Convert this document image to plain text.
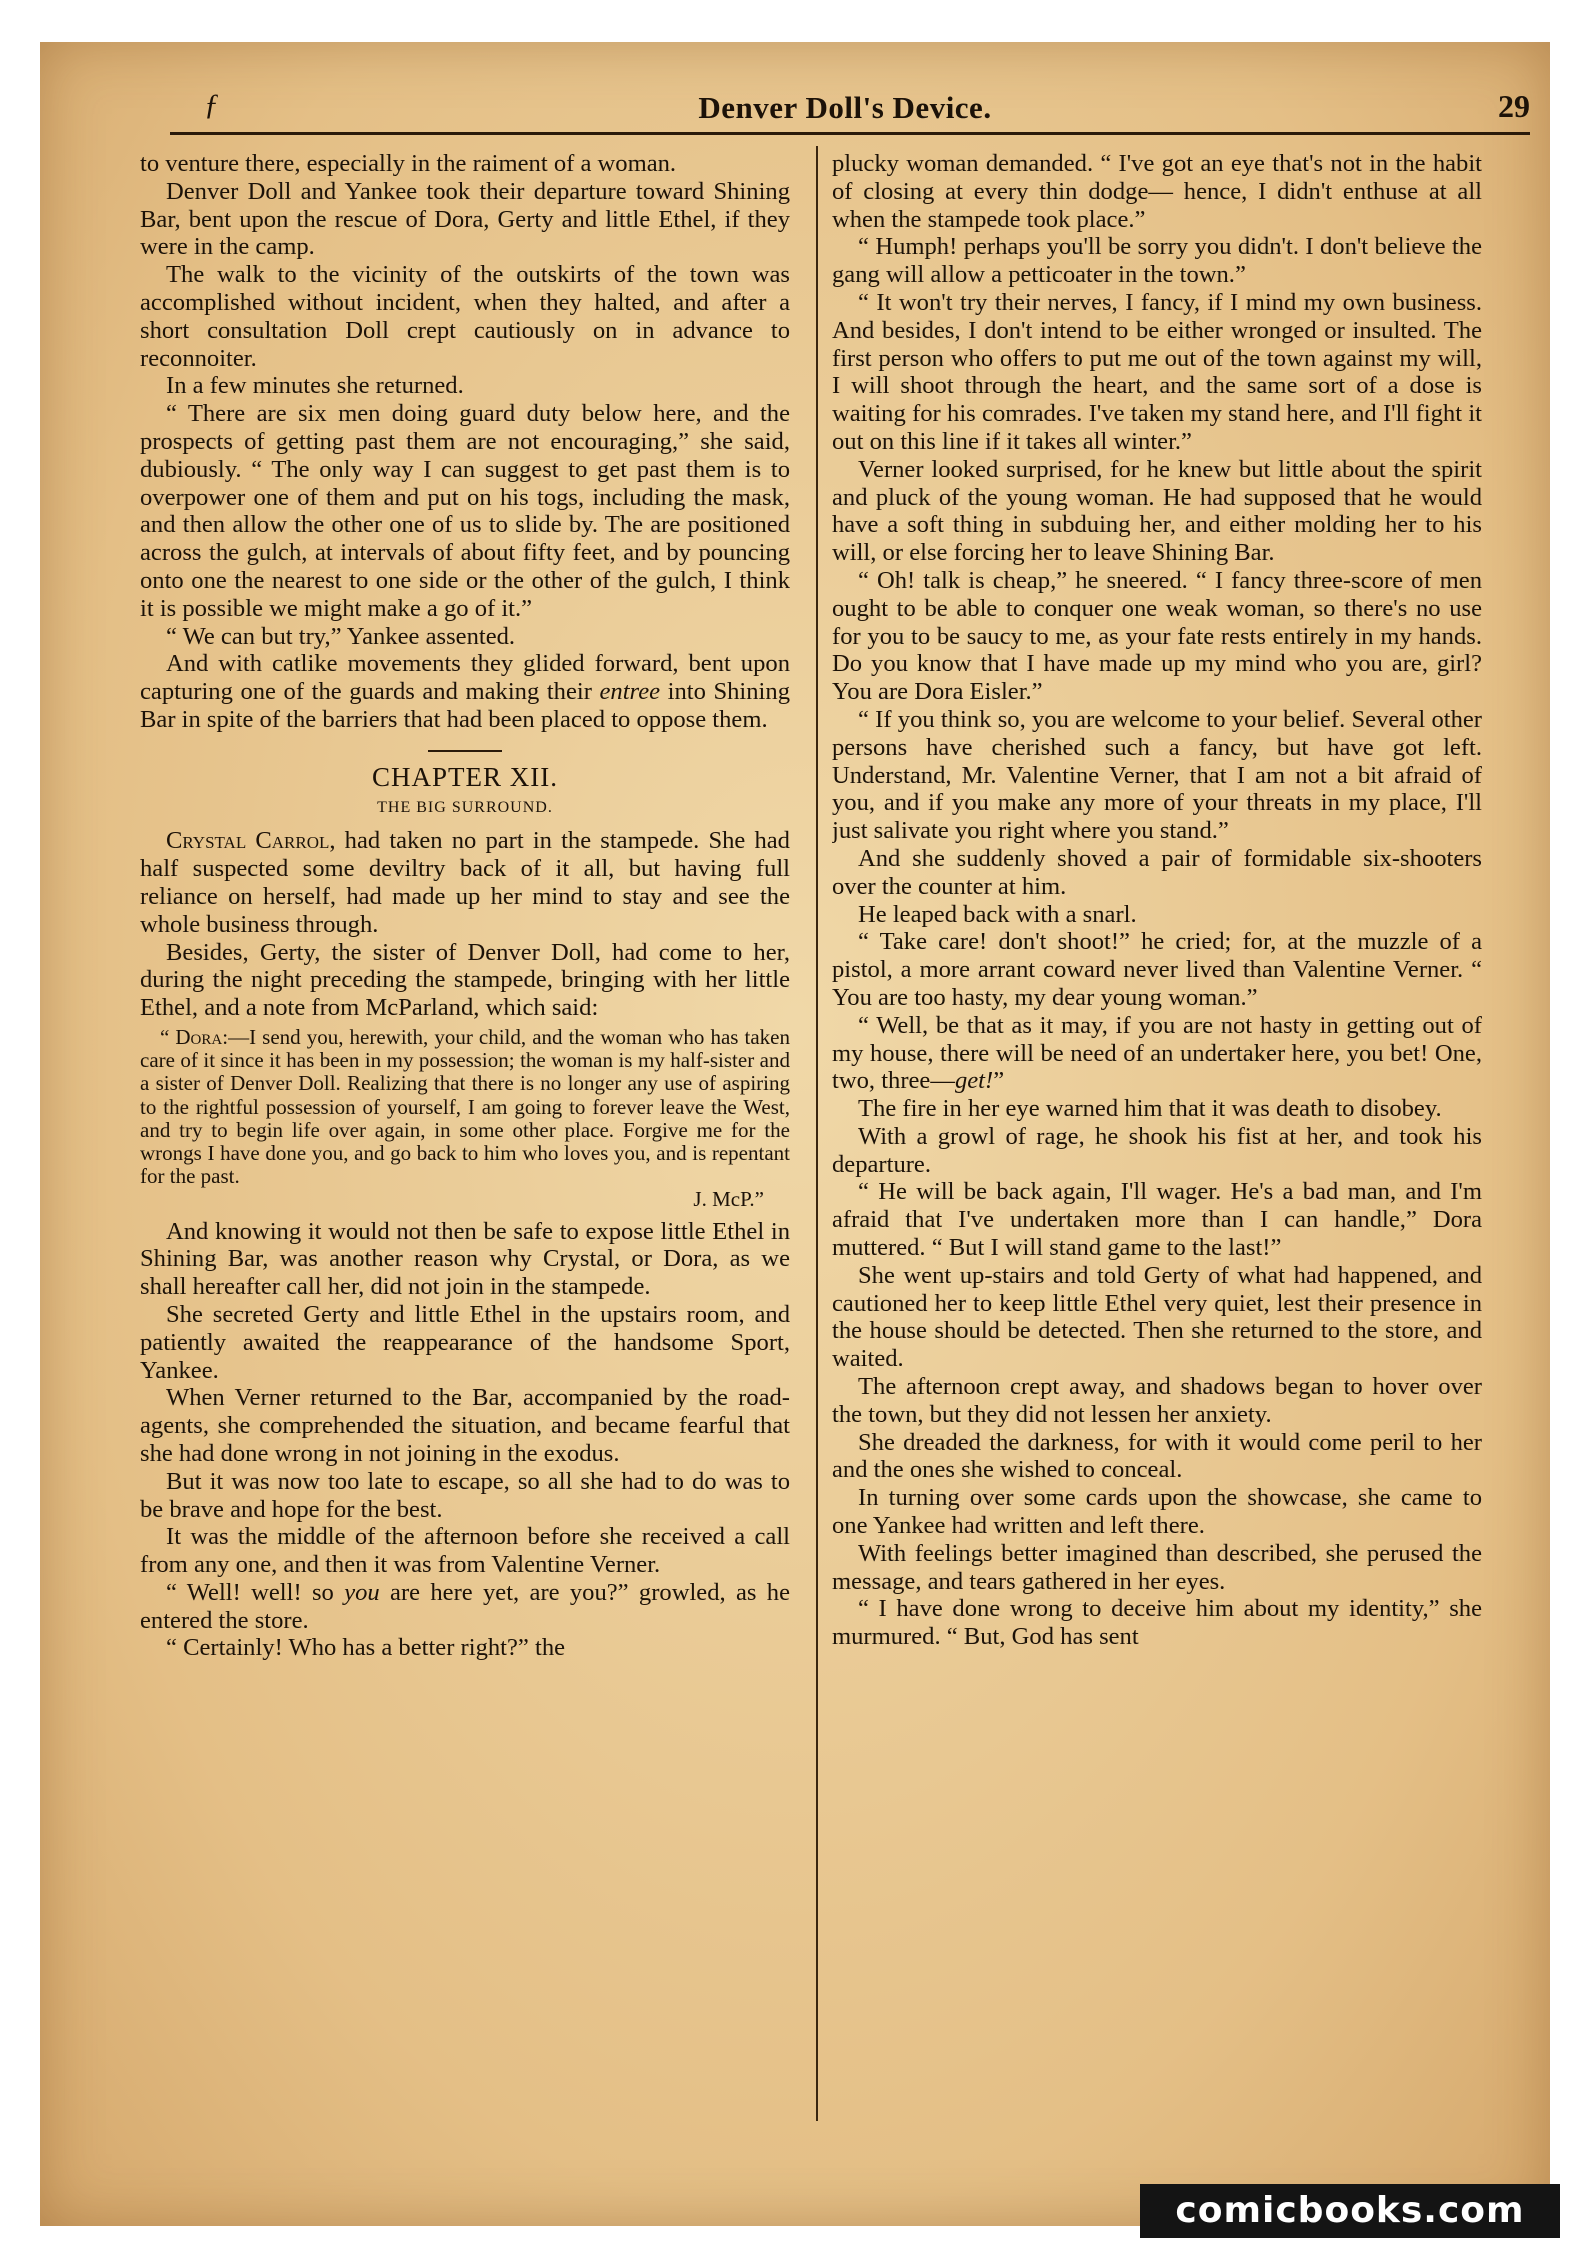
ƒ	Denver Doll's Device.	29

to venture there, especially in the raiment of a woman.

Denver Doll and Yankee took their departure toward Shining Bar, bent upon the rescue of Dora, Gerty and little Ethel, if they were in the camp.

The walk to the vicinity of the outskirts of the town was accomplished without incident, when they halted, and after a short consultation Doll crept cautiously on in advance to reconnoiter.

In a few minutes she returned.

“ There are six men doing guard duty below here, and the prospects of getting past them are not encouraging,” she said, dubiously. “ The only way I can suggest to get past them is to overpower one of them and put on his togs, including the mask, and then allow the other one of us to slide by. The are positioned across the gulch, at intervals of about fifty feet, and by pouncing onto one the nearest to one side or the other of the gulch, I think it is possible we might make a go of it.”

“ We can but try,” Yankee assented.

And with catlike movements they glided forward, bent upon capturing one of the guards and making their entree into Shining Bar in spite of the barriers that had been placed to oppose them.

CHAPTER XII.
THE BIG SURROUND.

Crystal Carrol, had taken no part in the stampede. She had half suspected some deviltry back of it all, but having full reliance on herself, had made up her mind to stay and see the whole business through.

Besides, Gerty, the sister of Denver Doll, had come to her, during the night preceding the stampede, bringing with her little Ethel, and a note from McParland, which said:

“ Dora:—I send you, herewith, your child, and the woman who has taken care of it since it has been in my possession; the woman is my half-sister and a sister of Denver Doll. Realizing that there is no longer any use of aspiring to the rightful possession of yourself, I am going to forever leave the West, and try to begin life over again, in some other place. Forgive me for the wrongs I have done you, and go back to him who loves you, and is repentant for the past.

J. McP.”

And knowing it would not then be safe to expose little Ethel in Shining Bar, was another reason why Crystal, or Dora, as we shall hereafter call her, did not join in the stampede.

She secreted Gerty and little Ethel in the upstairs room, and patiently awaited the reappearance of the handsome Sport, Yankee.

When Verner returned to the Bar, accompanied by the road-agents, she comprehended the situation, and became fearful that she had done wrong in not joining in the exodus.

But it was now too late to escape, so all she had to do was to be brave and hope for the best.

It was the middle of the afternoon before she received a call from any one, and then it was from Valentine Verner.

“ Well! well! so you are here yet, are you?” growled, as he entered the store.

“ Certainly! Who has a better right?” the

plucky woman demanded. “ I've got an eye that's not in the habit of closing at every thin dodge— hence, I didn't enthuse at all when the stampede took place.”

“ Humph! perhaps you'll be sorry you didn't. I don't believe the gang will allow a petticoater in the town.”

“ It won't try their nerves, I fancy, if I mind my own business. And besides, I don't intend to be either wronged or insulted. The first person who offers to put me out of the town against my will, I will shoot through the heart, and the same sort of a dose is waiting for his comrades. I've taken my stand here, and I'll fight it out on this line if it takes all winter.”

Verner looked surprised, for he knew but little about the spirit and pluck of the young woman. He had supposed that he would have a soft thing in subduing her, and either molding her to his will, or else forcing her to leave Shining Bar.

“ Oh! talk is cheap,” he sneered. “ I fancy three-score of men ought to be able to conquer one weak woman, so there's no use for you to be saucy to me, as your fate rests entirely in my hands. Do you know that I have made up my mind who you are, girl? You are Dora Eisler.”

“ If you think so, you are welcome to your belief. Several other persons have cherished such a fancy, but have got left. Understand, Mr. Valentine Verner, that I am not a bit afraid of you, and if you make any more of your threats in my place, I'll just salivate you right where you stand.”

And she suddenly shoved a pair of formidable six-shooters over the counter at him.

He leaped back with a snarl.

“ Take care! don't shoot!” he cried; for, at the muzzle of a pistol, a more arrant coward never lived than Valentine Verner. “ You are too hasty, my dear young woman.”

“ Well, be that as it may, if you are not hasty in getting out of my house, there will be need of an undertaker here, you bet! One, two, three—get!”

The fire in her eye warned him that it was death to disobey.

With a growl of rage, he shook his fist at her, and took his departure.

“ He will be back again, I'll wager. He's a bad man, and I'm afraid that I've undertaken more than I can handle,” Dora muttered. “ But I will stand game to the last!”

She went up-stairs and told Gerty of what had happened, and cautioned her to keep little Ethel very quiet, lest their presence in the house should be detected. Then she returned to the store, and waited.

The afternoon crept away, and shadows began to hover over the town, but they did not lessen her anxiety.

She dreaded the darkness, for with it would come peril to her and the ones she wished to conceal.

In turning over some cards upon the showcase, she came to one Yankee had written and left there.

With feelings better imagined than described, she perused the message, and tears gathered in her eyes.

“ I have done wrong to deceive him about my identity,” she murmured. “ But, God has sent

comicbooks.com
